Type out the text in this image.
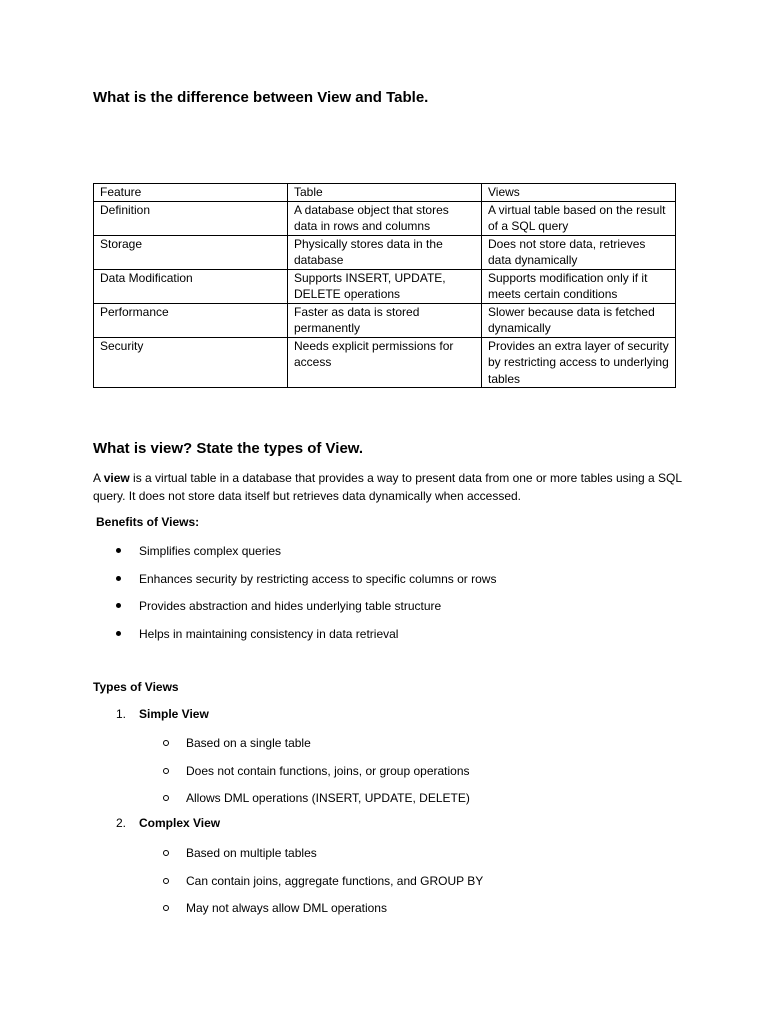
What is the difference between View and Table.
Feature	Table	Views
Definition	A database object that stores data in rows and columns	A virtual table based on the result of a SQL query
Storage	Physically stores data in the database	Does not store data, retrieves data dynamically
Data Modification	Supports INSERT, UPDATE, DELETE operations	Supports modification only if it meets certain conditions
Performance	Faster as data is stored permanently	Slower because data is fetched dynamically
Security	Needs explicit permissions for access	Provides an extra layer of security by restricting access to underlying tables
What is view? State the types of View.

A view is a virtual table in a database that provides a way to present data from one or more tables using a SQL query. It does not store data itself but retrieves data dynamically when accessed.

Benefits of Views:

Simplifies complex queries
Enhances security by restricting access to specific columns or rows
Provides abstraction and hides underlying table structure
Helps in maintaining consistency in data retrieval

Types of Views

1. Simple View
Based on a single table
Does not contain functions, joins, or group operations
Allows DML operations (INSERT, UPDATE, DELETE)
2. Complex View
Based on multiple tables
Can contain joins, aggregate functions, and GROUP BY
May not always allow DML operations
